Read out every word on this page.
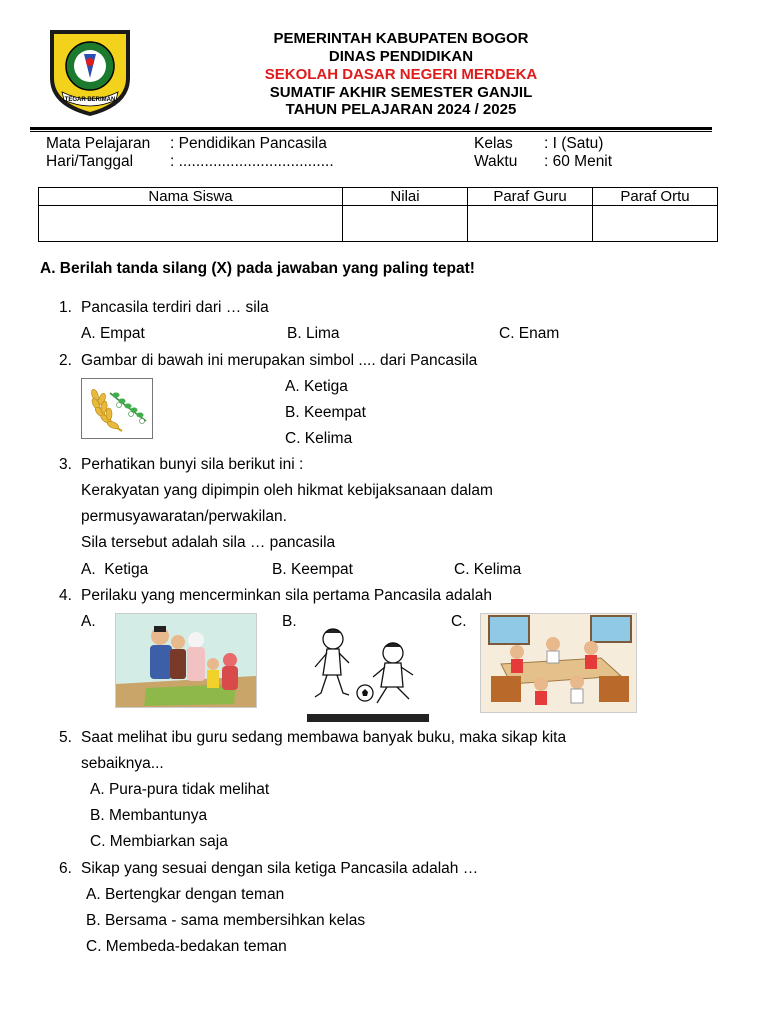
TEGAR BERIMAN
PEMERINTAH KABUPATEN BOGOR
DINAS PENDIDIKAN
SEKOLAH DASAR NEGERI MERDEKA
SUMATIF AKHIR SEMESTER GANJIL
TAHUN PELAJARAN 2024 / 2025
Mata Pelajaran : Pendidikan Pancasila
Hari/Tanggal : ....................................
Kelas : I (Satu)
Waktu : 60 Menit
Nama Siswa	Nilai	Paraf Guru	Paraf Ortu

A. Berilah tanda silang (X) pada jawaban yang paling tepat!
1. Pancasila terdiri dari … sila
A. Empat	B. Lima	C. Enam
2. Gambar di bawah ini merupakan simbol .... dari Pancasila
A. Ketiga
B. Keempat
C. Kelima
3. Perhatikan bunyi sila berikut ini :
Kerakyatan yang dipimpin oleh hikmat kebijaksanaan dalam
permusyawaratan/perwakilan.
Sila tersebut adalah sila … pancasila
A.  Ketiga	B. Keempat	C. Kelima
4. Perilaku yang mencerminkan sila pertama Pancasila adalah
A.	B.	C.
5. Saat melihat ibu guru sedang membawa banyak buku, maka sikap kita
sebaiknya...
A. Pura-pura tidak melihat
B. Membantunya
C. Membiarkan saja
6. Sikap yang sesuai dengan sila ketiga Pancasila adalah …
A. Bertengkar dengan teman
B. Bersama - sama membersihkan kelas
C. Membeda-bedakan teman
